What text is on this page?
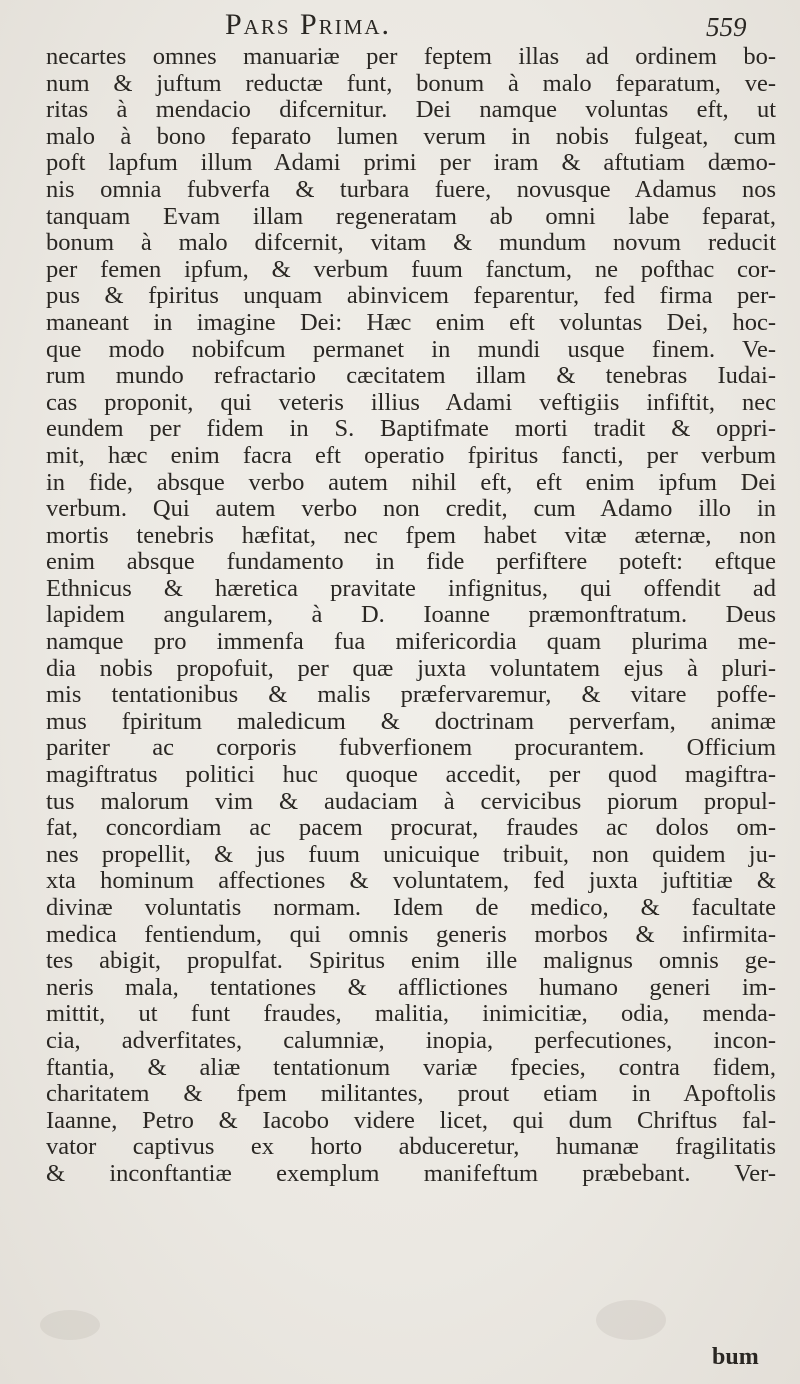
Pars Prima.	559
necartes omnes manuariæ per feptem illas ad ordinem bo-
num & juftum reductæ funt, bonum à malo feparatum, ve-
ritas à mendacio difcernitur. Dei namque voluntas eft, ut
malo à bono feparato lumen verum in nobis fulgeat, cum
poft lapfum illum Adami primi per iram & aftutiam dæmo-
nis omnia fubverfa & turbara fuere, novusque Adamus nos
tanquam Evam illam regeneratam ab omni labe feparat,
bonum à malo difcernit, vitam & mundum novum reducit
per femen ipfum, & verbum fuum fanctum, ne pofthac cor-
pus & fpiritus unquam abinvicem feparentur, fed firma per-
maneant in imagine Dei: Hæc enim eft voluntas Dei, hoc-
que modo nobifcum permanet in mundi usque finem. Ve-
rum mundo refractario cæcitatem illam & tenebras Iudai-
cas proponit, qui veteris illius Adami veftigiis infiftit, nec
eundem per fidem in S. Baptifmate morti tradit & oppri-
mit, hæc enim facra eft operatio fpiritus fancti, per verbum
in fide, absque verbo autem nihil eft, eft enim ipfum Dei
verbum. Qui autem verbo non credit, cum Adamo illo in
mortis tenebris hæfitat, nec fpem habet vitæ æternæ, non
enim absque fundamento in fide perfiftere poteft: eftque
Ethnicus & hæretica pravitate infignitus, qui offendit ad
lapidem angularem, à D. Ioanne præmonftratum. Deus
namque pro immenfa fua mifericordia quam plurima me-
dia nobis propofuit, per quæ juxta voluntatem ejus à pluri-
mis tentationibus & malis præfervaremur, & vitare poffe-
mus fpiritum maledicum & doctrinam perverfam, animæ
pariter ac corporis fubverfionem procurantem. Officium
magiftratus politici huc quoque accedit, per quod magiftra-
tus malorum vim & audaciam à cervicibus piorum propul-
fat, concordiam ac pacem procurat, fraudes ac dolos om-
nes propellit, & jus fuum unicuique tribuit, non quidem ju-
xta hominum affectiones & voluntatem, fed juxta juftitiæ &
divinæ voluntatis normam. Idem de medico, & facultate
medica fentiendum, qui omnis generis morbos & infirmita-
tes abigit, propulfat. Spiritus enim ille malignus omnis ge-
neris mala, tentationes & afflictiones humano generi im-
mittit, ut funt fraudes, malitia, inimicitiæ, odia, menda-
cia, adverfitates, calumniæ, inopia, perfecutiones, incon-
ftantia, & aliæ tentationum variæ fpecies, contra fidem,
charitatem & fpem militantes, prout etiam in Apoftolis
Iaanne, Petro & Iacobo videre licet, qui dum Chriftus fal-
vator captivus ex horto abduceretur, humanæ fragilitatis
& inconftantiæ exemplum manifeftum præbebant. Ver-
bum
